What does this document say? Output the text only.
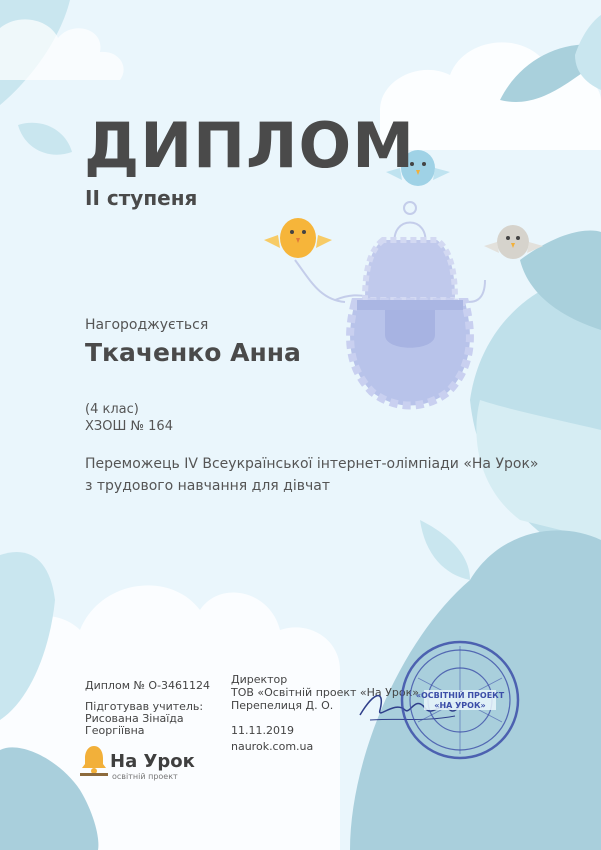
ДИПЛОМ
II ступеня
Нагороджується
Ткаченко Анна
(4 клас)
ХЗОШ № 164
Переможець IV Всеукраїнської інтернет-олімпіади «На Урок»
з трудового навчання для дівчат
Диплом № О-3461124
Підготував учитель:
Рисована Зінаїда
Георгіївна
Директор
ТОВ «Освітній проект «На Урок»
Перепелиця Д. О.
11.11.2019
naurok.com.ua
На Урок
освітній проект
«ОСВІТНІЙ ПРОЕКТ
«НА УРОК»
